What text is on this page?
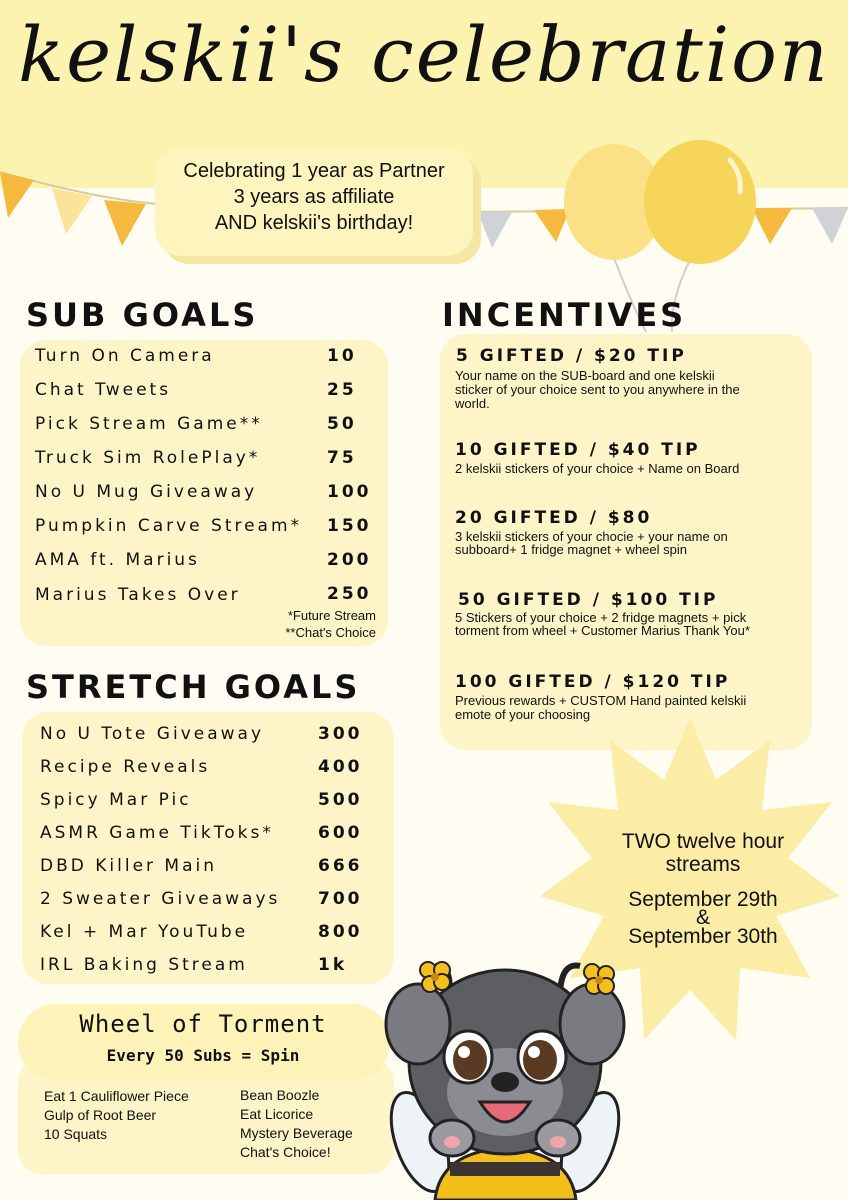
kelskii's celebration
Celebrating 1 year as Partner
3 years as affiliate
AND kelskii's birthday!
SUB GOALS
Turn On Camera	10
Chat Tweets	25
Pick Stream Game**	50
Truck Sim RolePlay*	75
No U Mug Giveaway	100
Pumpkin Carve Stream* 150
AMA ft. Marius	200
Marius Takes Over	250
*Future Stream
**Chat's Choice
STRETCH GOALS
No U Tote Giveaway	300
Recipe Reveals	400
Spicy Mar Pic	500
ASMR Game TikToks*	600
DBD Killer Main	666
2 Sweater Giveaways 700
Kel + Mar YouTube	800
IRL Baking Stream	1k
INCENTIVES
5 GIFTED / $20 TIP
Your name on the SUB-board and one kelskii
sticker of your choice sent to you anywhere in the
world.
10 GIFTED / $40 TIP
2 kelskii stickers of your choice + Name on Board
20 GIFTED / $80
3 kelskii stickers of your chocie + your name on
subboard+ 1 fridge magnet + wheel spin
50 GIFTED / $100 TIP
5 Stickers of your choice + 2 fridge magnets + pick
torment from wheel + Customer Marius Thank You*
100 GIFTED / $120 TIP
Previous rewards + CUSTOM Hand painted kelskii
emote of your choosing
TWO twelve hour streams
September 29th
&
September 30th
Wheel of Torment
Every 50 Subs = Spin
Eat 1 Cauliflower Piece
Gulp of Root Beer
10 Squats
Bean Boozle
Eat Licorice
Mystery Beverage
Chat's Choice!
